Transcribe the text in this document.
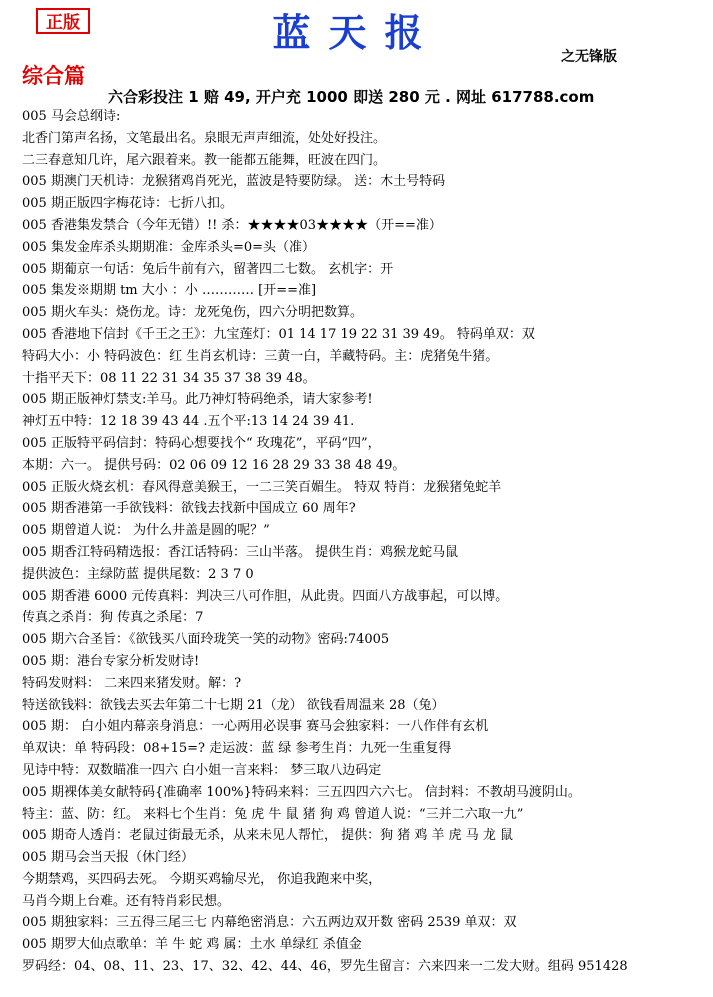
正版	蓝天报
之无锋版
综合篇
六合彩投注 1 赔 49, 开户充 1000 即送 280 元 . 网址 617788.com
005 马会总纲诗:
北香门第声名扬，文笔最出名。泉眼无声声细流，处处好投注。
二三春意知几许，尾六跟着来。教一能都五能舞，旺波在四门。
005 期澳门天机诗：龙猴猪鸡肖死光，蓝波是特要防绿。 送：木土号特码
005 期正版四字梅花诗：七折八扣。
005 香港集发禁合（今年无错）!! 杀：★★★★03★★★★（开==准）
005 集发金库杀头期期准：金库杀头=0=头（准）
005 期葡京一句话：兔后牛前有六，留著四二七数。 玄机字：开
005 集发※期期 tm 大小 ：小 ………… [开==准]
005 期火车头：烧伤龙。诗：龙死兔伤，四六分明把数算。
005 香港地下信封《千王之王》：九宝莲灯：01 14 17 19 22 31 39 49。 特码单双：双
特码大小：小 特码波色：红 生肖玄机诗：三黄一白，羊藏特码。主：虎猪兔牛猪。
十指平天下：08 11 22 31 34 35 37 38 39 48。
005 期正版神灯禁支:羊马。此乃神灯特码绝杀，请大家参考!
神灯五中特：12 18 39 43 44 .五个平:13 14 24 39 41.
005 正版特平码信封：特码心想要找个“ 玫瑰花”，平码“四”，
本期：六一。 提供号码：02 06 09 12 16 28 29 33 38 48 49。
005 正版火烧玄机：春风得意美猴王，一二三笑百媚生。 特双 特肖：龙猴猪兔蛇羊
005 期香港第一手欲钱料：欲钱去找新中国成立 60 周年?
005 期曾道人说： 为什么井盖是圆的呢？”
005 期香江特码精选报：香江话特码：三山半落。 提供生肖：鸡猴龙蛇马鼠
提供波色：主绿防蓝 提供尾数：2 3 7 0
005 期香港 6000 元传真料：判决三八可作胆，从此贵。四面八方战事起，可以博。
传真之杀肖：狗 传真之杀尾：7
005 期六合圣旨：《欲钱买八面玲珑笑一笑的动物》密码:74005
005 期：港台专家分析发财诗!
特码发财料： 二来四来猪发财。解：?
特送欲钱料：欲钱去买去年第二十七期 21（龙） 欲钱看周温来 28（兔）
005 期： 白小姐内幕亲身消息：一心两用必误事 赛马会独家料：一八作伴有玄机
单双诀：单 特码段：08+15=? 走运波：蓝 绿 参考生肖：九死一生重复得
见诗中特：双数瞄准一四六 白小姐一言来料： 梦三取八边码定
005 期裸体美女献特码{准确率 100%}特码来料：三五四四六六七。 信封料：不教胡马渡阴山。
特主：蓝、防：红。 来料七个生肖：兔 虎 牛 鼠 猪 狗 鸡 曾道人说：“三并二六取一九”
005 期奇人透肖：老鼠过街最无杀，从来未见人帮忙， 提供：狗 猪 鸡 羊 虎 马 龙 鼠
005 期马会当天报（休门经）
今期禁鸡，买四码去死。 今期买鸡输尽光， 你追我跑来中奖，
马肖今期上台难。还有特肖彩民想。
005 期独家料：三五得三尾三七 内幕绝密消息：六五两边双开数 密码 2539 单双：双
005 期罗大仙点歌单：羊 牛 蛇 鸡 属：土水 单绿红 杀值金
罗码经：04、08、11、23、17、32、42、44、46，罗先生留言：六来四来一二发大财。组码 951428
